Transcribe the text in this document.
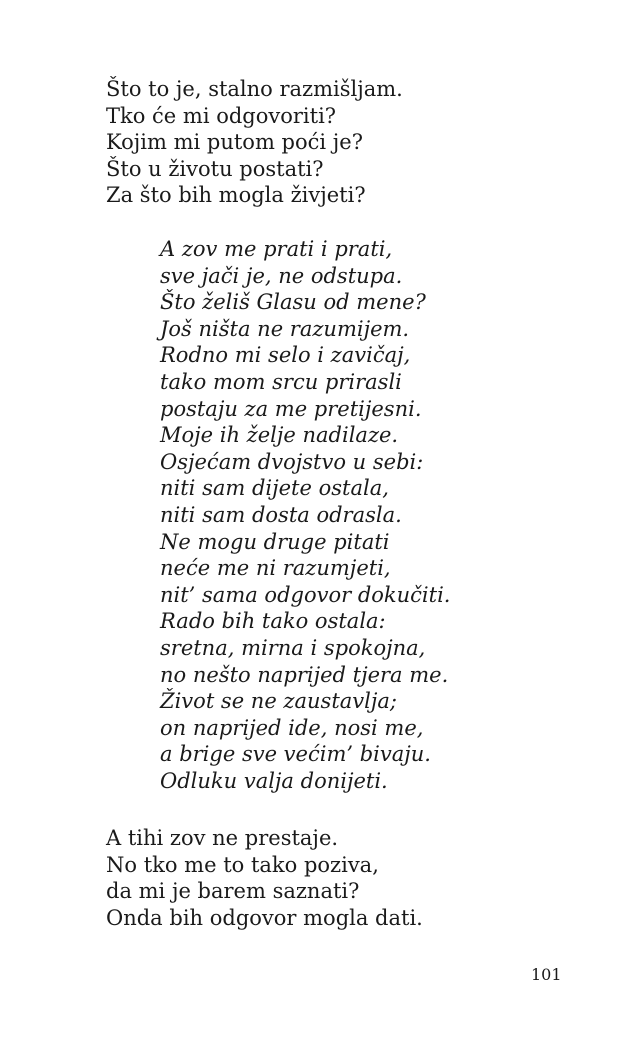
Što to je, stalno razmišljam.
Tko će mi odgovoriti?
Kojim mi putom poći je?
Što u životu postati?
Za što bih mogla živjeti?
A zov me prati i prati,
sve jači je, ne odstupa.
Što želiš Glasu od mene?
Još ništa ne razumijem.
Rodno mi selo i zavičaj,
tako mom srcu prirasli
postaju za me pretijesni.
Moje ih želje nadilaze.
Osjećam dvojstvo u sebi:
niti sam dijete ostala,
niti sam dosta odrasla.
Ne mogu druge pitati
neće me ni razumjeti,
nit’ sama odgovor dokučiti.
Rado bih tako ostala:
sretna, mirna i spokojna,
no nešto naprijed tjera me.
Život se ne zaustavlja;
on naprijed ide, nosi me,
a brige sve većim’ bivaju.
Odluku valja donijeti.
A tihi zov ne prestaje.
No tko me to tako poziva,
da mi je barem saznati?
Onda bih odgovor mogla dati.
101
